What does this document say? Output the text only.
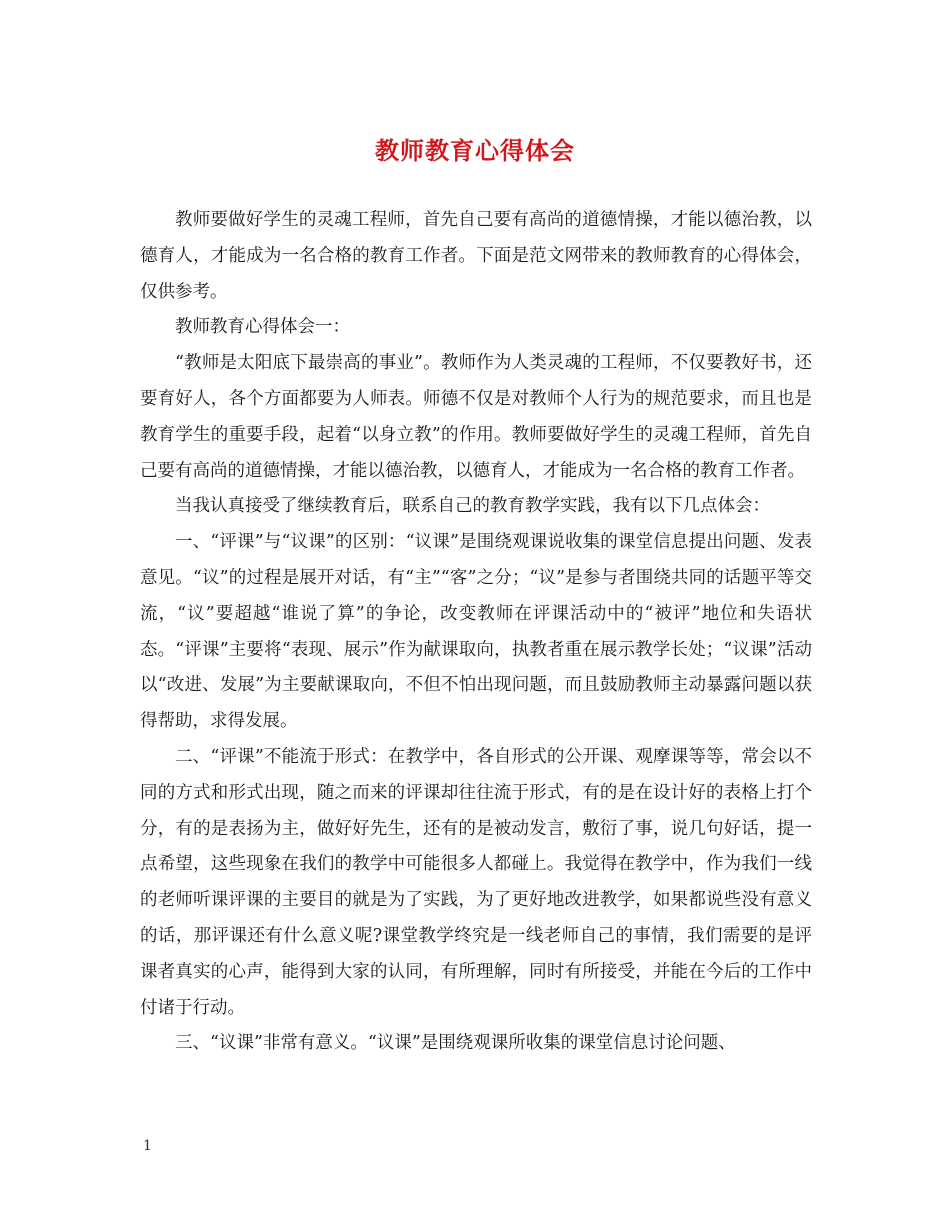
教师教育心得体会

教师要做好学生的灵魂工程师，首先自己要有高尚的道德情操，才能以德治教，以德育人，才能成为一名合格的教育工作者。下面是范文网带来的教师教育的心得体会，仅供参考。

教师教育心得体会一：

“教师是太阳底下最崇高的事业”。教师作为人类灵魂的工程师，不仅要教好书，还要育好人，各个方面都要为人师表。师德不仅是对教师个人行为的规范要求，而且也是教育学生的重要手段，起着“以身立教”的作用。教师要做好学生的灵魂工程师，首先自己要有高尚的道德情操，才能以德治教，以德育人，才能成为一名合格的教育工作者。

当我认真接受了继续教育后，联系自己的教育教学实践，我有以下几点体会：

一、“评课”与“议课”的区别：“议课”是围绕观课说收集的课堂信息提出问题、发表意见。“议”的过程是展开对话，有“主”“客”之分；“议”是参与者围绕共同的话题平等交流，“议”要超越“谁说了算”的争论，改变教师在评课活动中的“被评”地位和失语状态。“评课”主要将“表现、展示”作为献课取向，执教者重在展示教学长处；“议课”活动以“改进、发展”为主要献课取向，不但不怕出现问题，而且鼓励教师主动暴露问题以获得帮助，求得发展。

二、“评课”不能流于形式：在教学中，各自形式的公开课、观摩课等等，常会以不同的方式和形式出现，随之而来的评课却往往流于形式，有的是在设计好的表格上打个分，有的是表扬为主，做好好先生，还有的是被动发言，敷衍了事，说几句好话，提一点希望，这些现象在我们的教学中可能很多人都碰上。我觉得在教学中，作为我们一线的老师听课评课的主要目的就是为了实践，为了更好地改进教学，如果都说些没有意义的话，那评课还有什么意义呢?课堂教学终究是一线老师自己的事情，我们需要的是评课者真实的心声，能得到大家的认同，有所理解，同时有所接受，并能在今后的工作中付诸于行动。

三、“议课”非常有意义。“议课”是围绕观课所收集的课堂信息讨论问题、

1
